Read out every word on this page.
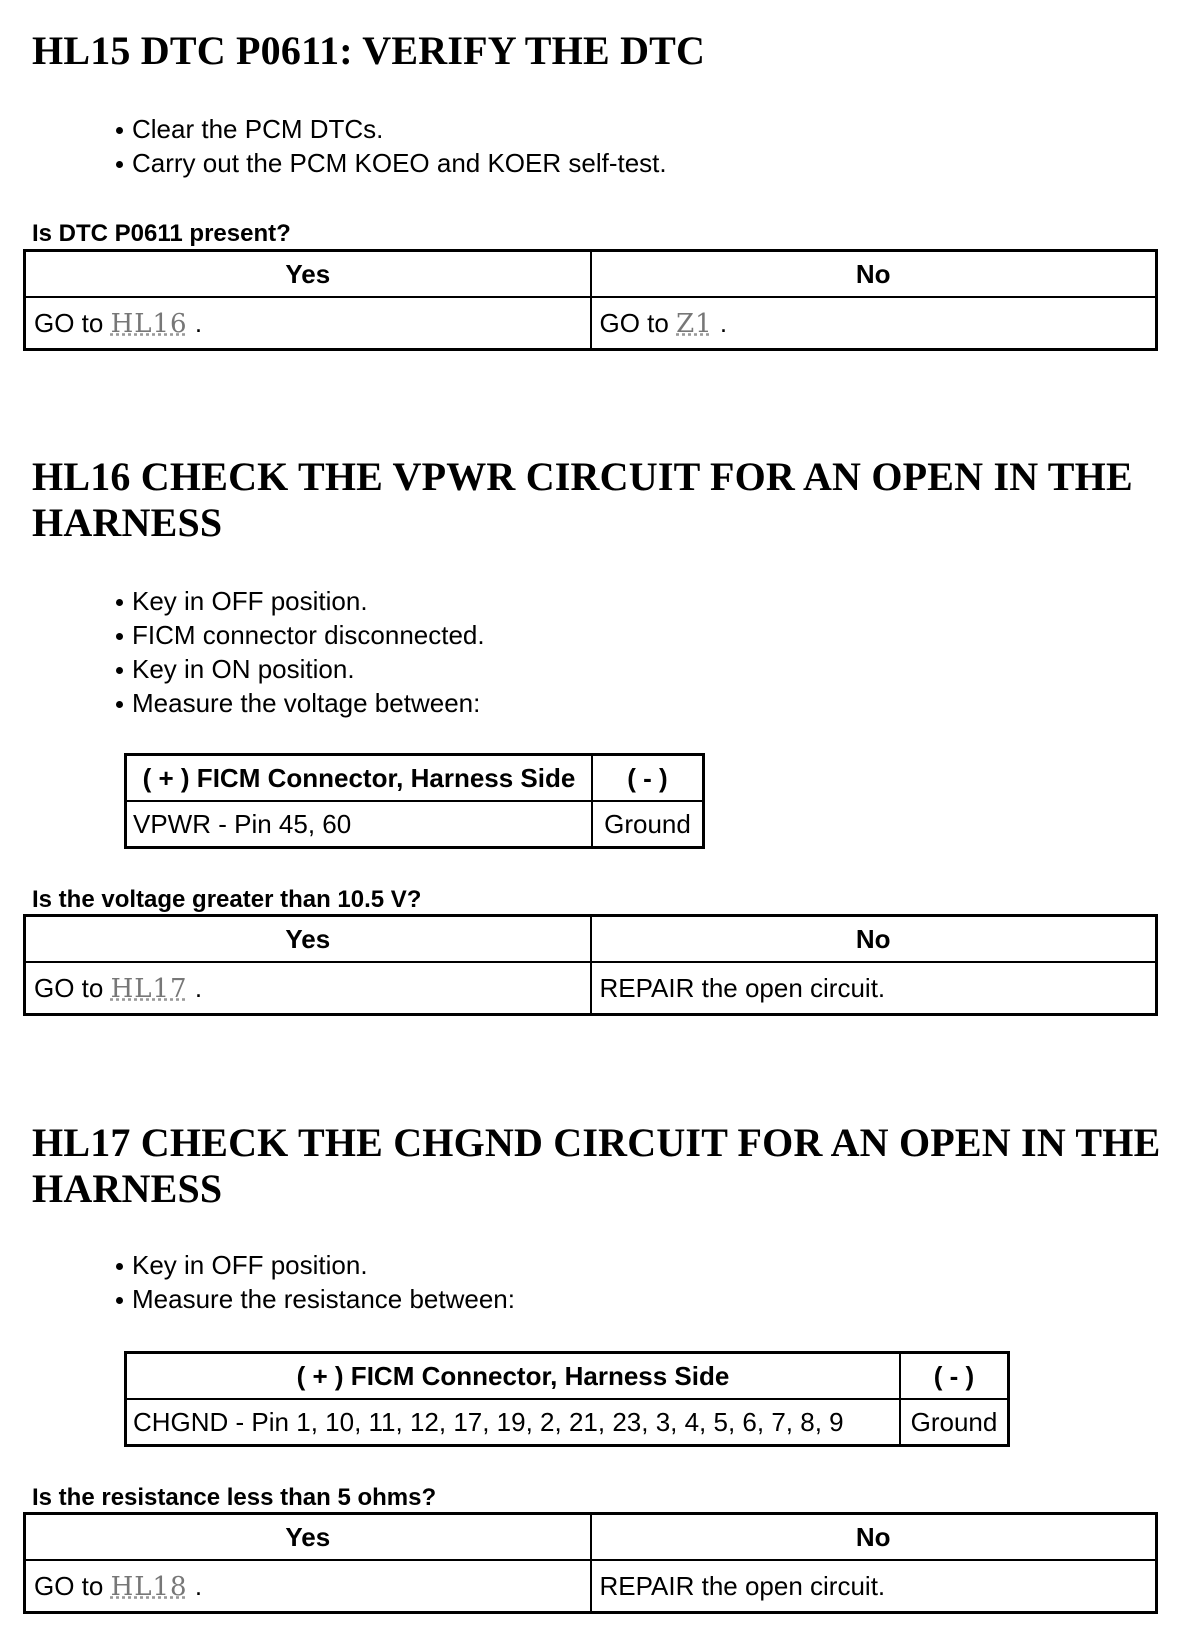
HL15 DTC P0611: VERIFY THE DTC
Clear the PCM DTCs.
Carry out the PCM KOEO and KOER self-test.

Is DTC P0611 present?

Yes	No
GO to HL16 .	GO to Z1 .
HL16 CHECK THE VPWR CIRCUIT FOR AN OPEN IN THE
HARNESS
Key in OFF position.
FICM connector disconnected.
Key in ON position.
Measure the voltage between:
( + ) FICM Connector, Harness Side	( - )
VPWR - Pin 45, 60	Ground

Is the voltage greater than 10.5 V?

Yes	No
GO to HL17 .	REPAIR the open circuit.
HL17 CHECK THE CHGND CIRCUIT FOR AN OPEN IN THE
HARNESS
Key in OFF position.
Measure the resistance between:
( + ) FICM Connector, Harness Side	( - )
CHGND - Pin 1, 10, 11, 12, 17, 19, 2, 21, 23, 3, 4, 5, 6, 7, 8, 9	Ground

Is the resistance less than 5 ohms?

Yes	No
GO to HL18 .	REPAIR the open circuit.
